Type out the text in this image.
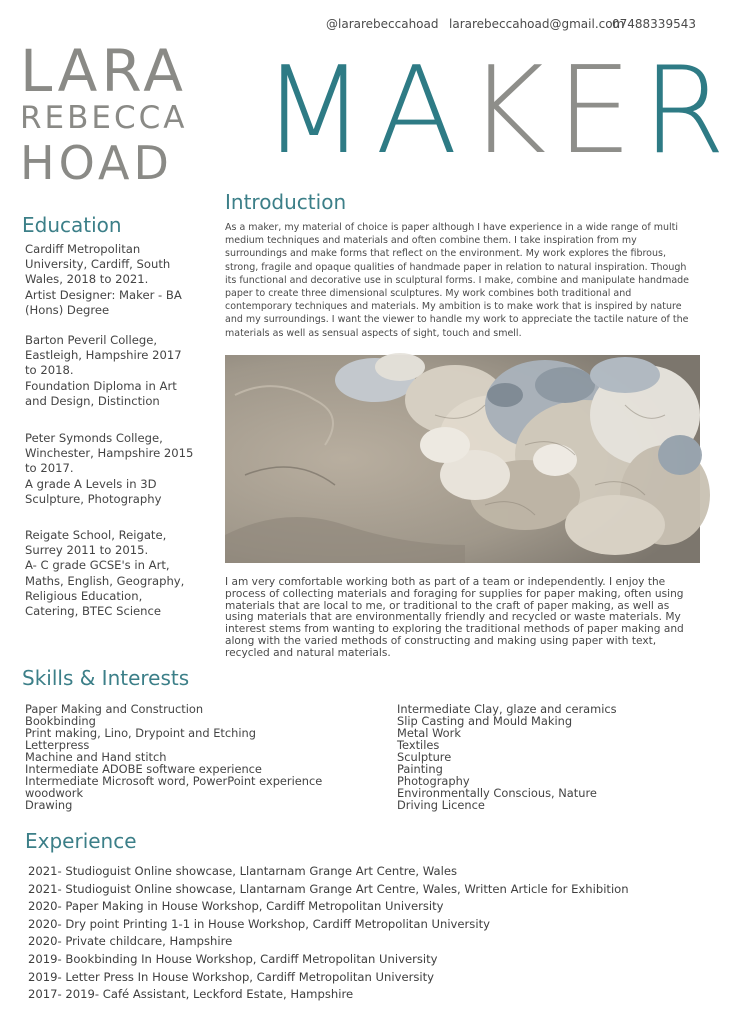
@lararebeccahoad lararebeccahoad@gmail.com
07488339543
LARA
REBECCA
HOAD MAKER
Introduction
As a maker, my material of choice is paper although I have experience in a wide range of multi medium techniques and materials and often combine them. I take inspiration from my surroundings and make forms that reflect on the environment. My work explores the fibrous, strong, fragile and opaque qualities of handmade paper in relation to natural inspiration. Though its functional and decorative use in sculptural forms. I make, combine and manipulate handmade paper to create three dimensional sculptures. My work combines both traditional and contemporary techniques and materials. My ambition is to make work that is inspired by nature and my surroundings. I want the viewer to handle my work to appreciate the tactile nature of the materials as well as sensual aspects of sight, touch and smell.
I am very comfortable working both as part of a team or independently. I enjoy the process of collecting materials and foraging for supplies for paper making, often using materials that are local to me, or traditional to the craft of paper making, as well as using materials that are environmentally friendly and recycled or waste materials. My interest stems from wanting to exploring the traditional methods of paper making and along with the varied methods of constructing and making using paper with text, recycled and natural materials.
Education

Cardiff Metropolitan University, Cardiff, South Wales, 2018 to 2021.

Artist Designer: Maker - BA (Hons) Degree

Barton Peveril College, Eastleigh, Hampshire 2017 to 2018.

Foundation Diploma in Art and Design, Distinction

Peter Symonds College, Winchester, Hampshire 2015 to 2017.

A grade A Levels in 3D Sculpture, Photography

Reigate School, Reigate, Surrey 2011 to 2015.

A- C grade GCSE's in Art, Maths, English, Geography, Religious Education, Catering, BTEC Science

Skills & Interests
Paper Making and Construction
Bookbinding
Print making, Lino, Drypoint and Etching
Letterpress
Machine and Hand stitch
Intermediate ADOBE software experience
Intermediate Microsoft word, PowerPoint experience
woodwork
Drawing
Intermediate Clay, glaze and ceramics
Slip Casting and Mould Making
Metal Work
Textiles
Sculpture
Painting
Photography
Environmentally Conscious, Nature
Driving Licence
Experience
2021- Studioguist Online showcase, Llantarnam Grange Art Centre, Wales
2021- Studioguist Online showcase, Llantarnam Grange Art Centre, Wales, Written Article for Exhibition
2020- Paper Making in House Workshop, Cardiff Metropolitan University
2020- Dry point Printing 1-1 in House Workshop, Cardiff Metropolitan University
2020- Private childcare, Hampshire
2019- Bookbinding In House Workshop, Cardiff Metropolitan University
2019- Letter Press In House Workshop, Cardiff Metropolitan University
2017- 2019- Café Assistant, Leckford Estate, Hampshire
